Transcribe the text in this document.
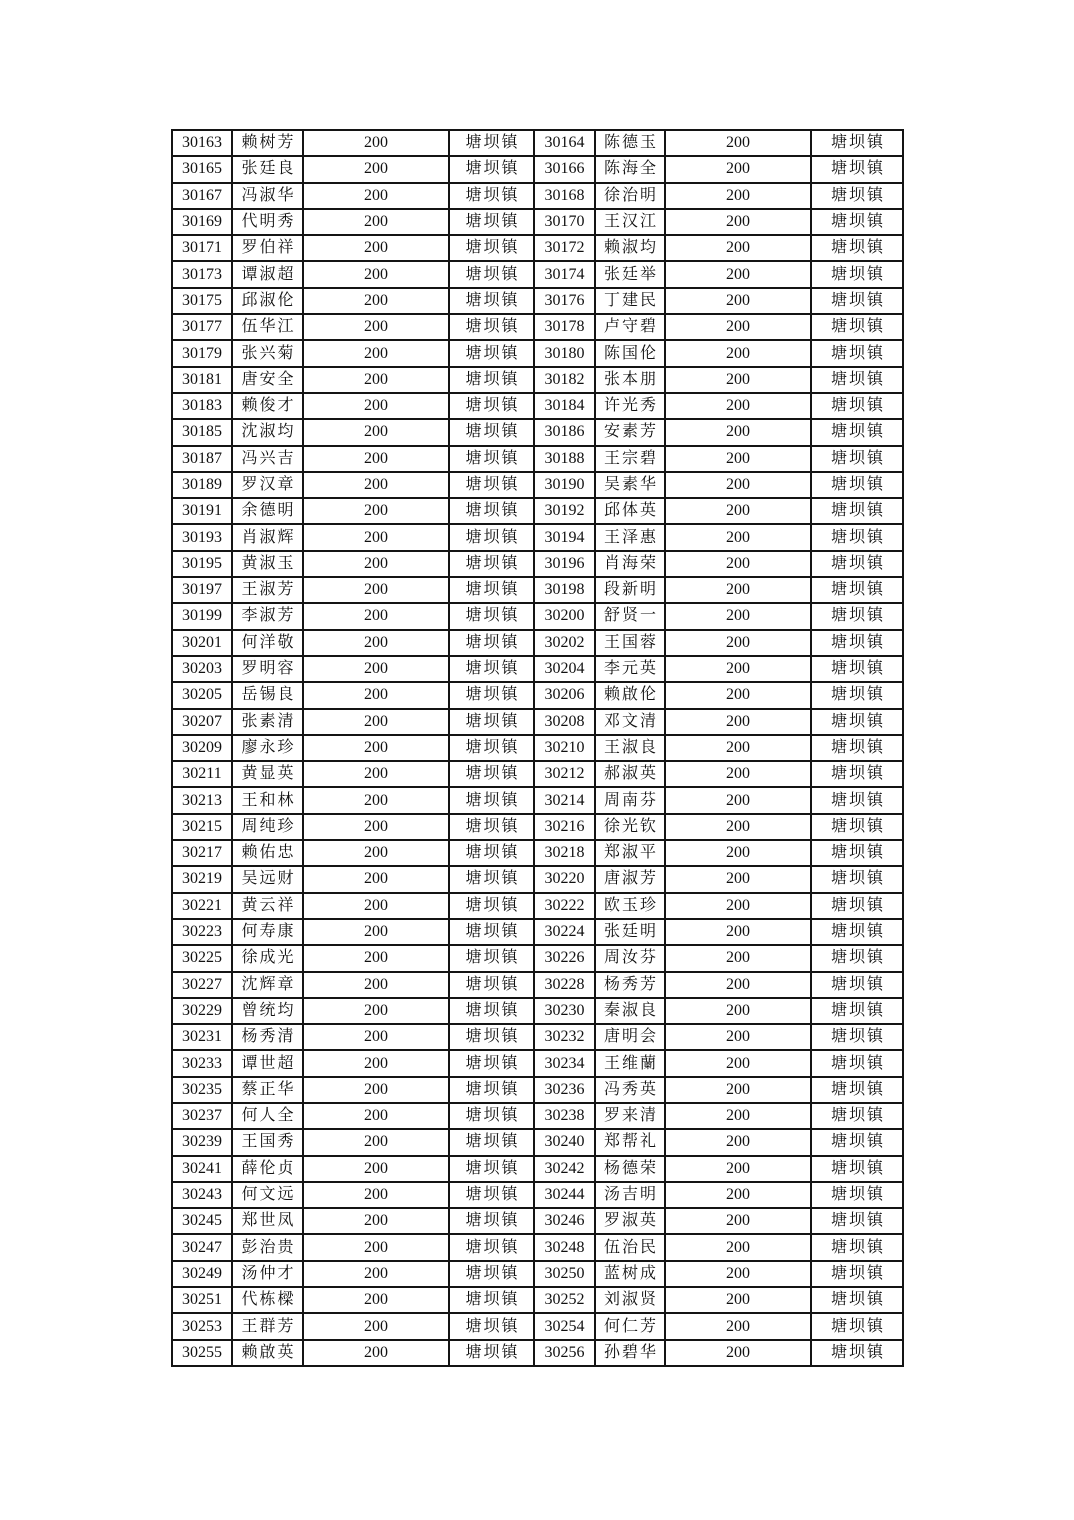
30163	赖树芳	200	塘坝镇	30164	陈德玉	200	塘坝镇
30165	张廷良	200	塘坝镇	30166	陈海全	200	塘坝镇
30167	冯淑华	200	塘坝镇	30168	徐治明	200	塘坝镇
30169	代明秀	200	塘坝镇	30170	王汉江	200	塘坝镇
30171	罗伯祥	200	塘坝镇	30172	赖淑均	200	塘坝镇
30173	谭淑超	200	塘坝镇	30174	张廷举	200	塘坝镇
30175	邱淑伦	200	塘坝镇	30176	丁建民	200	塘坝镇
30177	伍华江	200	塘坝镇	30178	卢守碧	200	塘坝镇
30179	张兴菊	200	塘坝镇	30180	陈国伦	200	塘坝镇
30181	唐安全	200	塘坝镇	30182	张本朋	200	塘坝镇
30183	赖俊才	200	塘坝镇	30184	许光秀	200	塘坝镇
30185	沈淑均	200	塘坝镇	30186	安素芳	200	塘坝镇
30187	冯兴吉	200	塘坝镇	30188	王宗碧	200	塘坝镇
30189	罗汉章	200	塘坝镇	30190	吴素华	200	塘坝镇
30191	余德明	200	塘坝镇	30192	邱体英	200	塘坝镇
30193	肖淑辉	200	塘坝镇	30194	王泽惠	200	塘坝镇
30195	黄淑玉	200	塘坝镇	30196	肖海荣	200	塘坝镇
30197	王淑芳	200	塘坝镇	30198	段新明	200	塘坝镇
30199	李淑芳	200	塘坝镇	30200	舒贤一	200	塘坝镇
30201	何洋敬	200	塘坝镇	30202	王国蓉	200	塘坝镇
30203	罗明容	200	塘坝镇	30204	李元英	200	塘坝镇
30205	岳锡良	200	塘坝镇	30206	赖啟伦	200	塘坝镇
30207	张素清	200	塘坝镇	30208	邓文清	200	塘坝镇
30209	廖永珍	200	塘坝镇	30210	王淑良	200	塘坝镇
30211	黄显英	200	塘坝镇	30212	郝淑英	200	塘坝镇
30213	王和林	200	塘坝镇	30214	周南芬	200	塘坝镇
30215	周纯珍	200	塘坝镇	30216	徐光钦	200	塘坝镇
30217	赖佑忠	200	塘坝镇	30218	郑淑平	200	塘坝镇
30219	吴远财	200	塘坝镇	30220	唐淑芳	200	塘坝镇
30221	黄云祥	200	塘坝镇	30222	欧玉珍	200	塘坝镇
30223	何寿康	200	塘坝镇	30224	张廷明	200	塘坝镇
30225	徐成光	200	塘坝镇	30226	周汝芬	200	塘坝镇
30227	沈辉章	200	塘坝镇	30228	杨秀芳	200	塘坝镇
30229	曾统均	200	塘坝镇	30230	秦淑良	200	塘坝镇
30231	杨秀清	200	塘坝镇	30232	唐明会	200	塘坝镇
30233	谭世超	200	塘坝镇	30234	王维蘭	200	塘坝镇
30235	蔡正华	200	塘坝镇	30236	冯秀英	200	塘坝镇
30237	何人全	200	塘坝镇	30238	罗来清	200	塘坝镇
30239	王国秀	200	塘坝镇	30240	郑帮礼	200	塘坝镇
30241	薛伦贞	200	塘坝镇	30242	杨德荣	200	塘坝镇
30243	何文远	200	塘坝镇	30244	汤吉明	200	塘坝镇
30245	郑世凤	200	塘坝镇	30246	罗淑英	200	塘坝镇
30247	彭治贵	200	塘坝镇	30248	伍治民	200	塘坝镇
30249	汤仲才	200	塘坝镇	30250	蓝树成	200	塘坝镇
30251	代栋樑	200	塘坝镇	30252	刘淑贤	200	塘坝镇
30253	王群芳	200	塘坝镇	30254	何仁芳	200	塘坝镇
30255	赖啟英	200	塘坝镇	30256	孙碧华	200	塘坝镇
